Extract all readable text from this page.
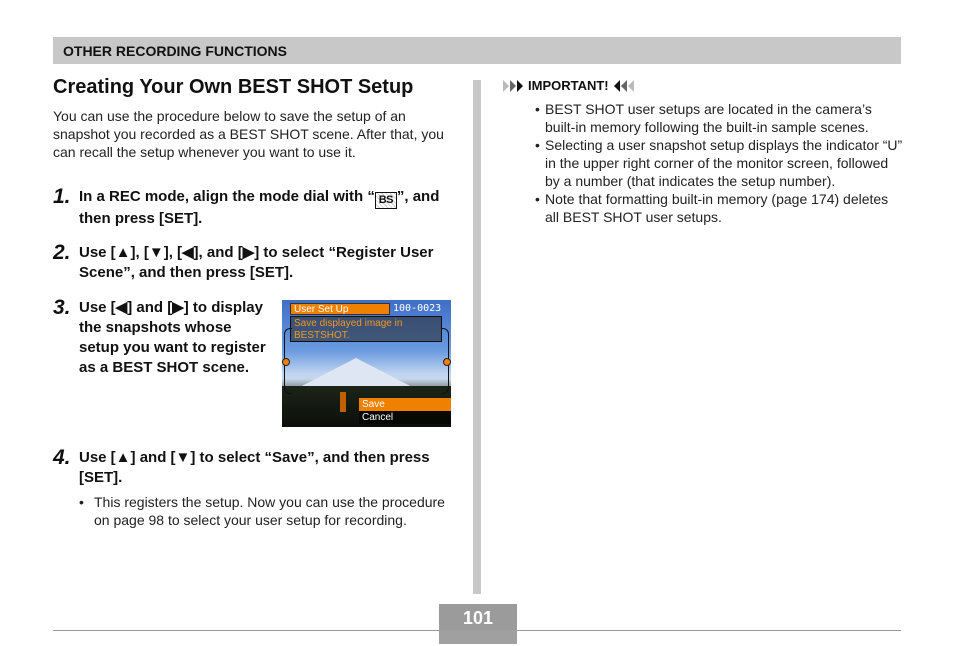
OTHER RECORDING FUNCTIONS
Creating Your Own BEST SHOT Setup
You can use the procedure below to save the setup of an snapshot you recorded as a BEST SHOT scene. After that, you can recall the setup whenever you want to use it.
1. In a REC mode, align the mode dial with “ BS ”, and then press [SET].
2. Use [▲], [▼], [◀], and [▶] to select “Register User Scene”, and then press [SET].
3. Use [◀] and [▶] to display the snapshots whose setup you want to register as a BEST SHOT scene.
User Set Up	100-0023
Save displayed image in BESTSHOT.
Save
Cancel
4. Use [▲] and [▼] to select “Save”, and then press [SET].
• This registers the setup. Now you can use the procedure on page 98 to select your user setup for recording.
IMPORTANT!
• BEST SHOT user setups are located in the camera’s built-in memory following the built-in sample scenes.
• Selecting a user snapshot setup displays the indicator “U” in the upper right corner of the monitor screen, followed by a number (that indicates the setup number).
• Note that formatting built-in memory (page 174) deletes all BEST SHOT user setups.
101
